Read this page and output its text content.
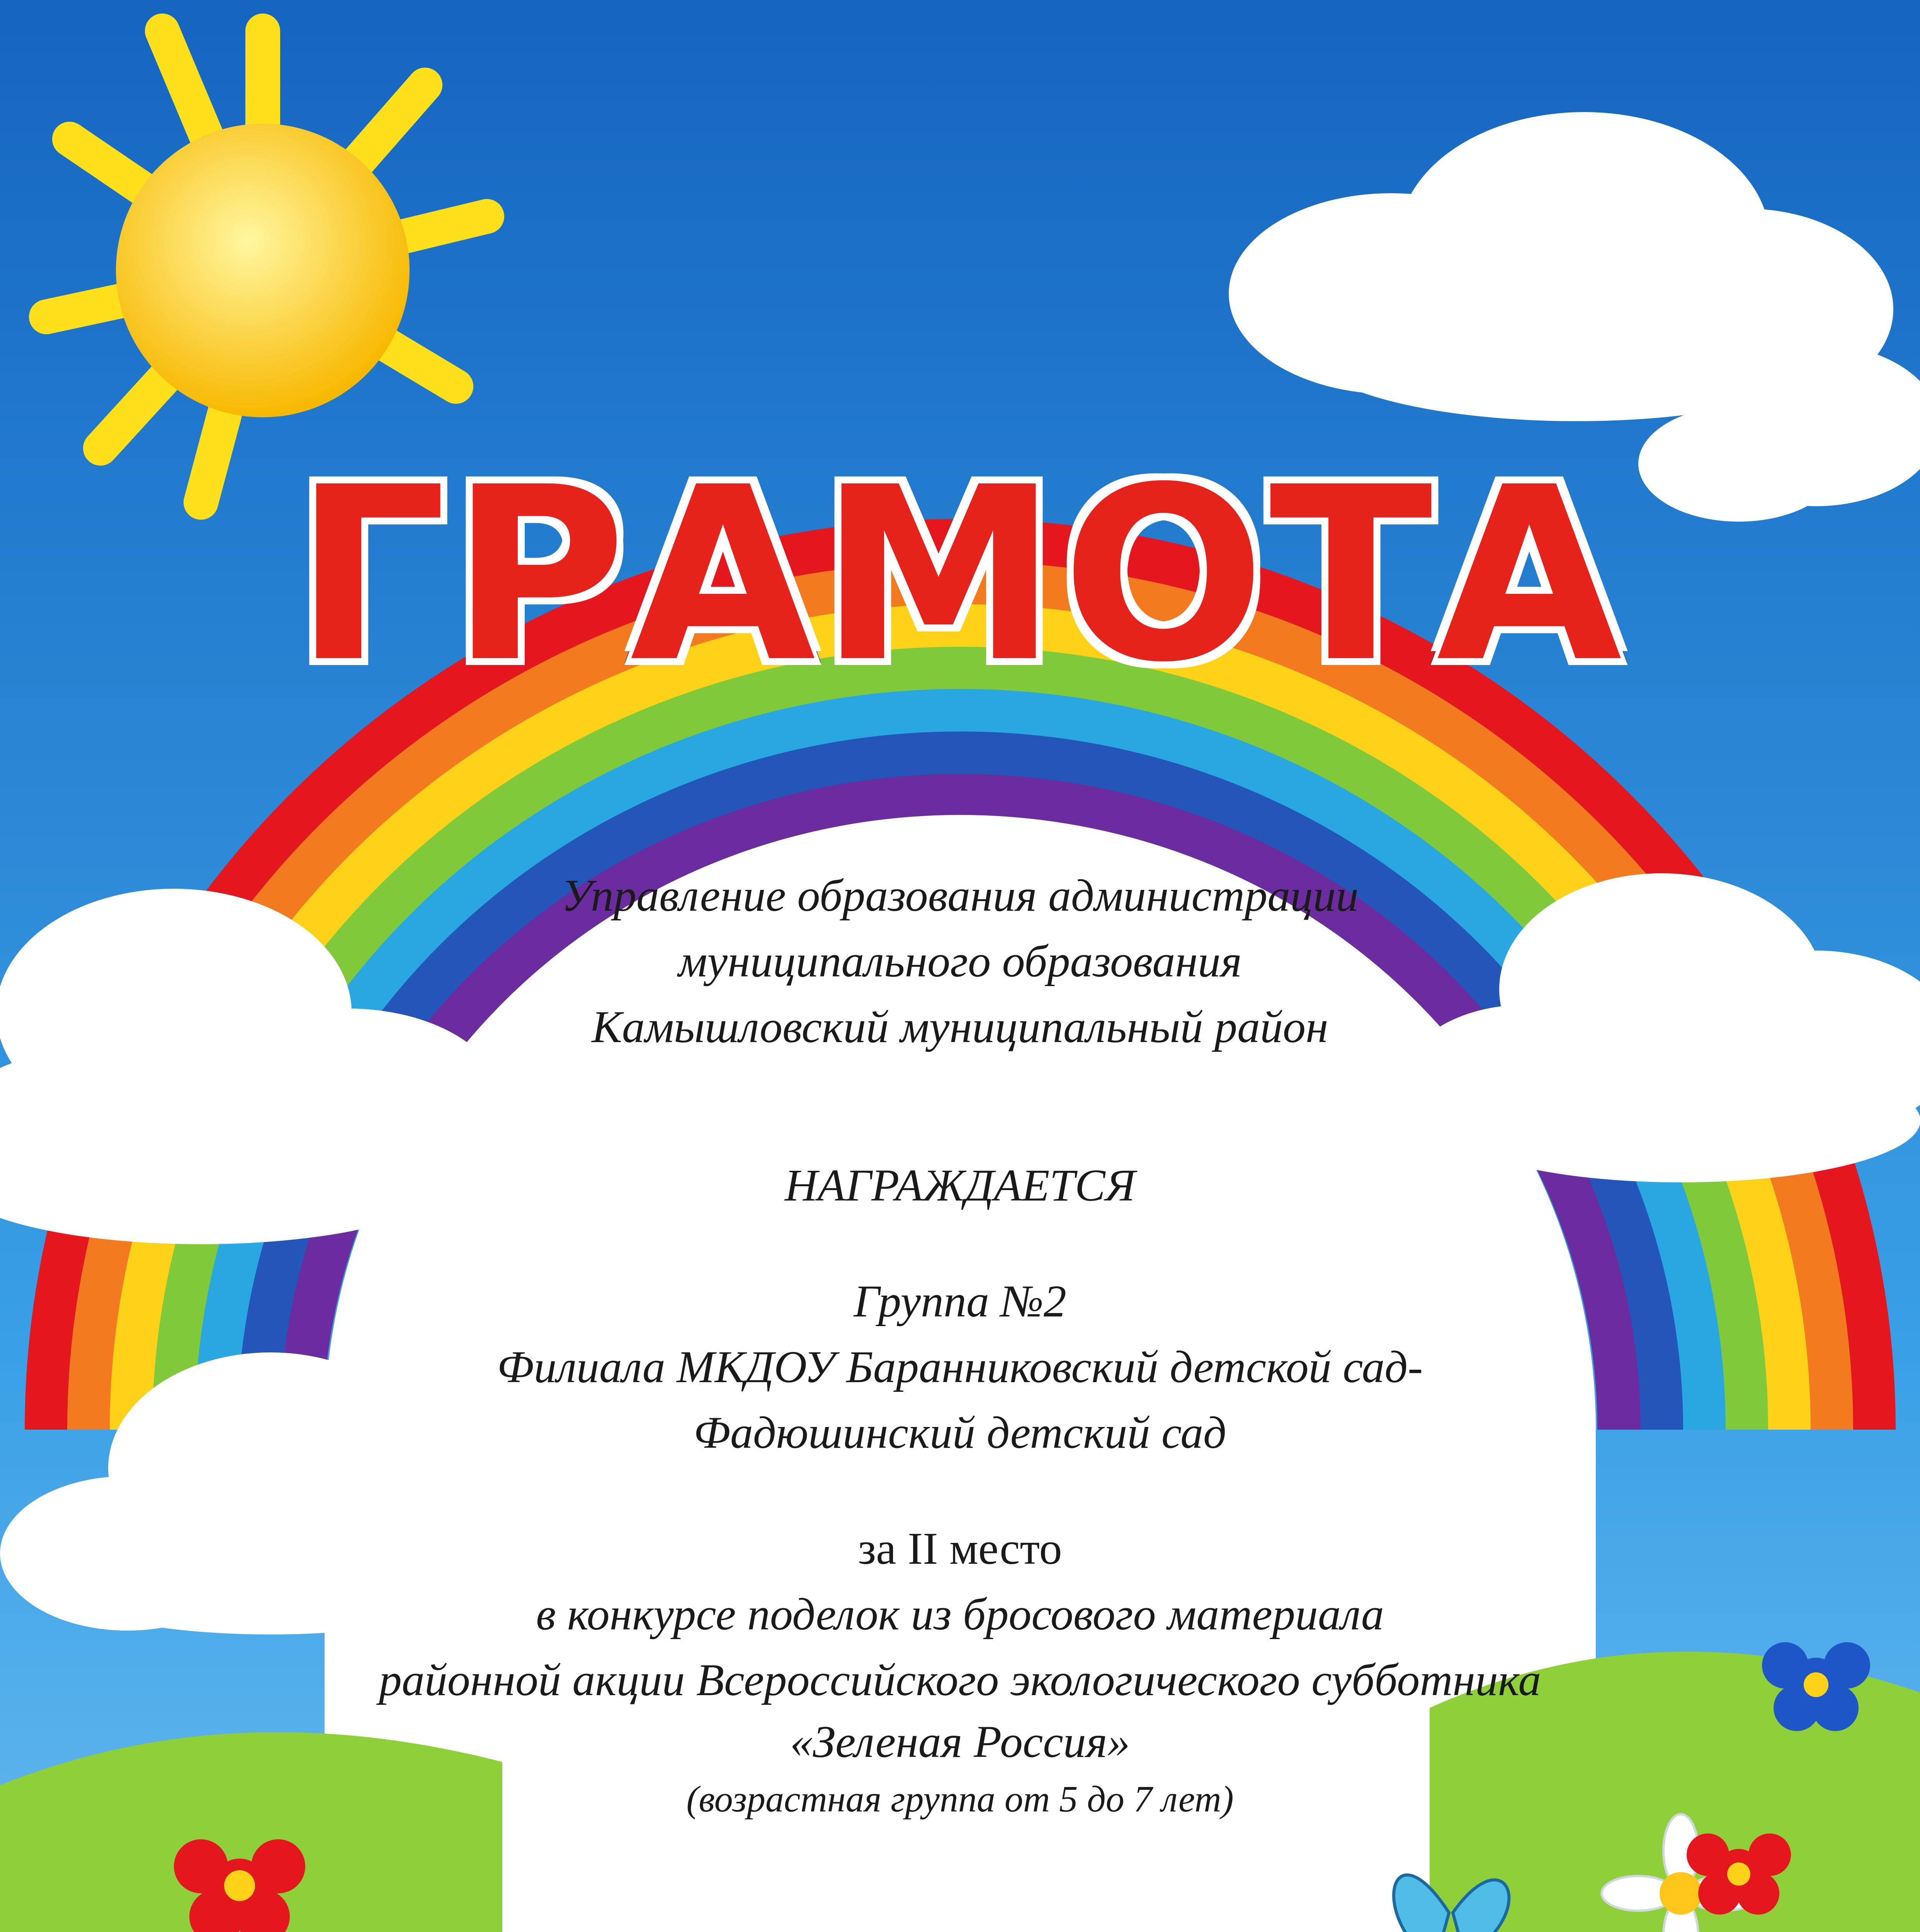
ГРАМОТА
Управление образования администрации
муниципального образования
Камышловский муниципальный район
НАГРАЖДАЕТСЯ
Группа №2
Филиала МКДОУ Баранниковский детской сад-
Фадюшинский детский сад
за II место
в конкурсе поделок из бросового материала
районной акции Всероссийского экологического субботника
«Зеленая Россия»
(возрастная группа от 5 до 7 лет)
